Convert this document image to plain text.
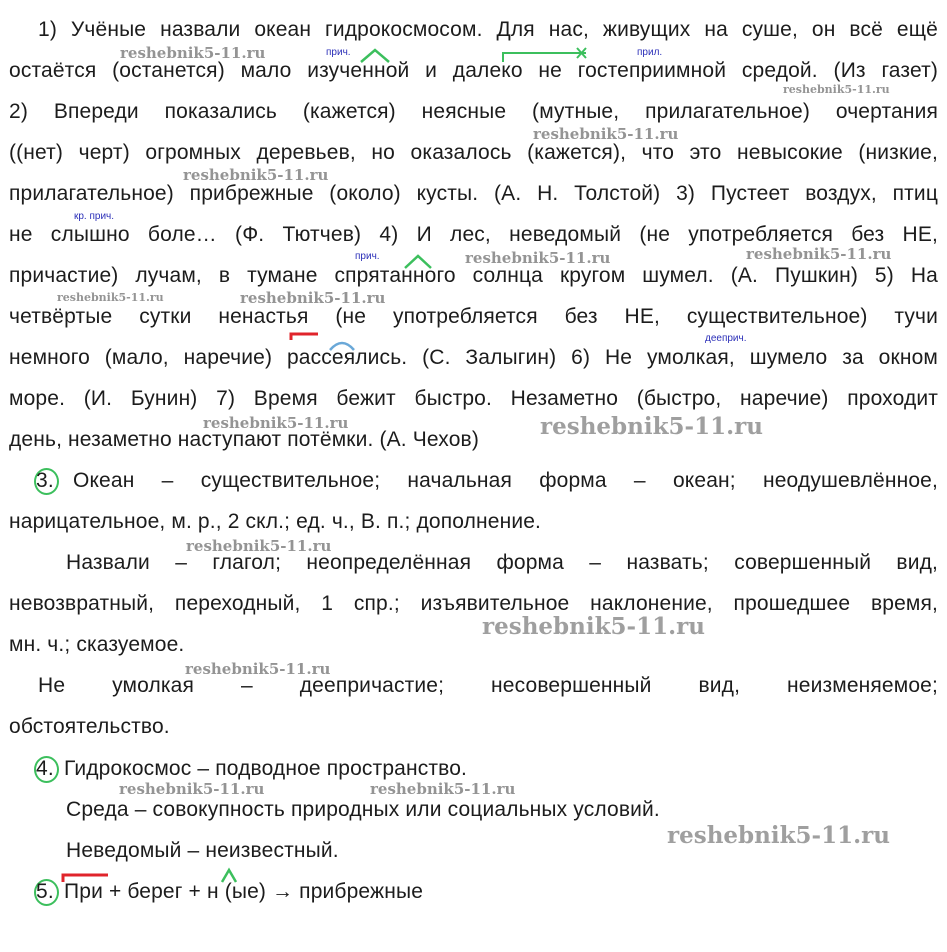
1) Учёные назвали океан гидрокосмосом. Для нас, живущих на суше, он всё ещё
остаётся (останется) мало изученной и далеко не гостеприимной средой. (Из газет)
2) Впереди показались (кажется) неясные (мутные, прилагательное) очертания
((нет) черт) огромных деревьев, но оказалось (кажется), что это невысокие (низкие,
прилагательное) прибрежные (около) кусты. (А. Н. Толстой) 3) Пустеет воздух, птиц
не слышно боле… (Ф. Тютчев) 4) И лес, неведомый (не употребляется без НЕ,
причастие) лучам, в тумане спрятанного солнца кругом шумел. (А. Пушкин) 5) На
четвёртые сутки ненастья (не употребляется без НЕ, существительное) тучи
немного (мало, наречие) рассеялись. (С. Залыгин) 6) Не умолкая, шумело за окном
море. (И. Бунин) 7) Время бежит быстро. Незаметно (быстро, наречие) проходит
день, незаметно наступают потёмки. (А. Чехов)
3. Океан – существительное; начальная форма – океан; неодушевлённое,
нарицательное, м. р., 2 скл.; ед. ч., В. п.; дополнение.
Назвали – глагол; неопределённая форма – назвать; совершенный вид,
невозвратный, переходный, 1 спр.; изъявительное наклонение, прошедшее время,
мн. ч.; сказуемое.
Не умолкая – деепричастие; несовершенный вид, неизменяемое;
обстоятельство.
4. Гидрокосмос – подводное пространство.
Среда – совокупность природных или социальных условий.
Неведомый – неизвестный.
5. При + берег + н (ые) → прибрежные
прич.	прил.
кр. прич.
прич.
дееприч.
reshebnik5-11.ru
reshebnik5-11.ru
reshebnik5-11.ru
reshebnik5-11.ru
reshebnik5-11.ru	reshebnik5-11.ru
reshebnik5-11.ru	reshebnik5-11.ru
reshebnik5-11.ru	reshebnik5-11.ru
reshebnik5-11.ru
reshebnik5-11.ru
reshebnik5-11.ru
reshebnik5-11.ru	reshebnik5-11.ru
reshebnik5-11.ru
